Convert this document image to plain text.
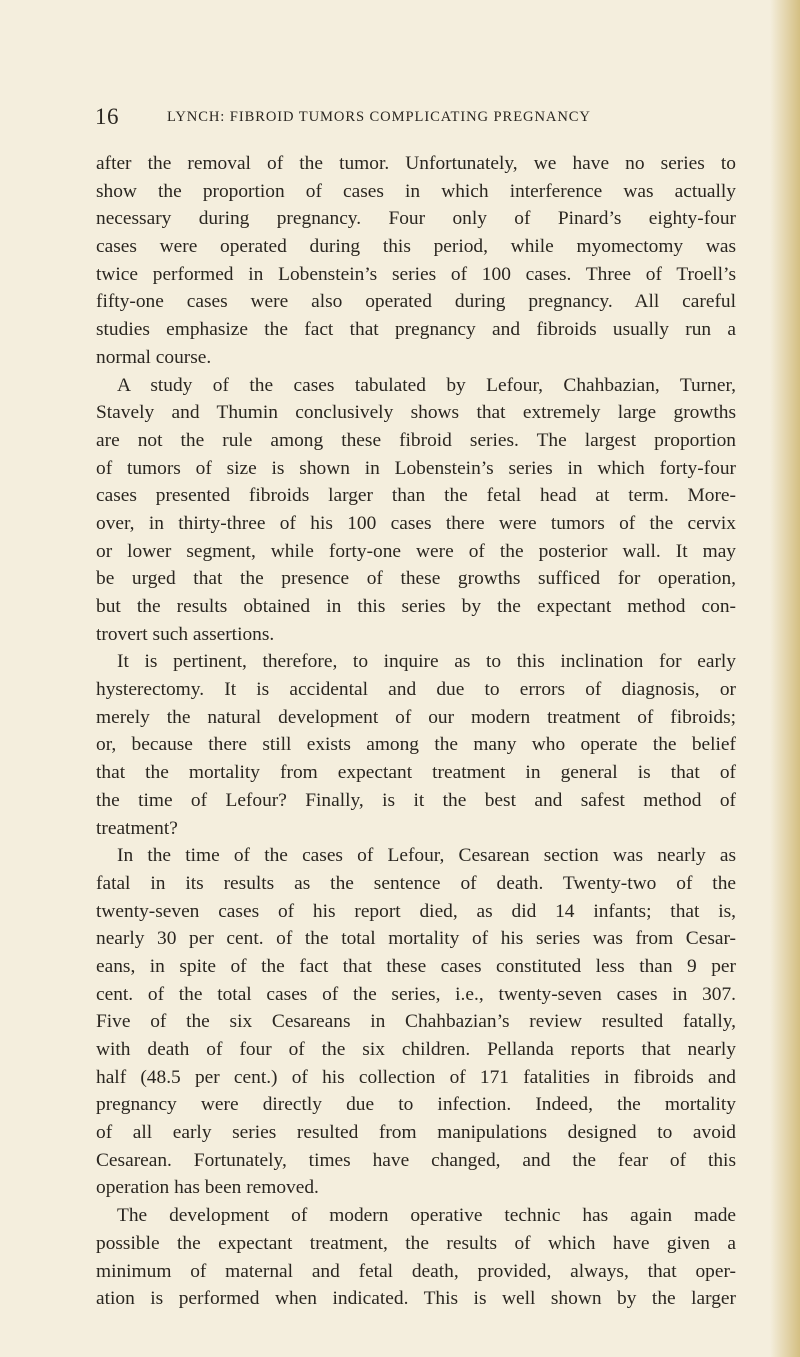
16	LYNCH: FIBROID TUMORS COMPLICATING PREGNANCY
after the removal of the tumor. Unfortunately, we have no series to
show the proportion of cases in which interference was actually
necessary during pregnancy. Four only of Pinard’s eighty-four
cases were operated during this period, while myomectomy was
twice performed in Lobenstein’s series of 100 cases. Three of Troell’s
fifty-one cases were also operated during pregnancy. All careful
studies emphasize the fact that pregnancy and fibroids usually run a
normal course.
A study of the cases tabulated by Lefour, Chahbazian, Turner,
Stavely and Thumin conclusively shows that extremely large growths
are not the rule among these fibroid series. The largest proportion
of tumors of size is shown in Lobenstein’s series in which forty-four
cases presented fibroids larger than the fetal head at term. More-
over, in thirty-three of his 100 cases there were tumors of the cervix
or lower segment, while forty-one were of the posterior wall. It may
be urged that the presence of these growths sufficed for operation,
but the results obtained in this series by the expectant method con-
trovert such assertions.
It is pertinent, therefore, to inquire as to this inclination for early
hysterectomy. It is accidental and due to errors of diagnosis, or
merely the natural development of our modern treatment of fibroids;
or, because there still exists among the many who operate the belief
that the mortality from expectant treatment in general is that of
the time of Lefour? Finally, is it the best and safest method of
treatment?
In the time of the cases of Lefour, Cesarean section was nearly as
fatal in its results as the sentence of death. Twenty-two of the
twenty-seven cases of his report died, as did 14 infants; that is,
nearly 30 per cent. of the total mortality of his series was from Cesar-
eans, in spite of the fact that these cases constituted less than 9 per
cent. of the total cases of the series, i.e., twenty-seven cases in 307.
Five of the six Cesareans in Chahbazian’s review resulted fatally,
with death of four of the six children. Pellanda reports that nearly
half (48.5 per cent.) of his collection of 171 fatalities in fibroids and
pregnancy were directly due to infection. Indeed, the mortality
of all early series resulted from manipulations designed to avoid
Cesarean. Fortunately, times have changed, and the fear of this
operation has been removed.
The development of modern operative technic has again made
possible the expectant treatment, the results of which have given a
minimum of maternal and fetal death, provided, always, that oper-
ation is performed when indicated. This is well shown by the larger
